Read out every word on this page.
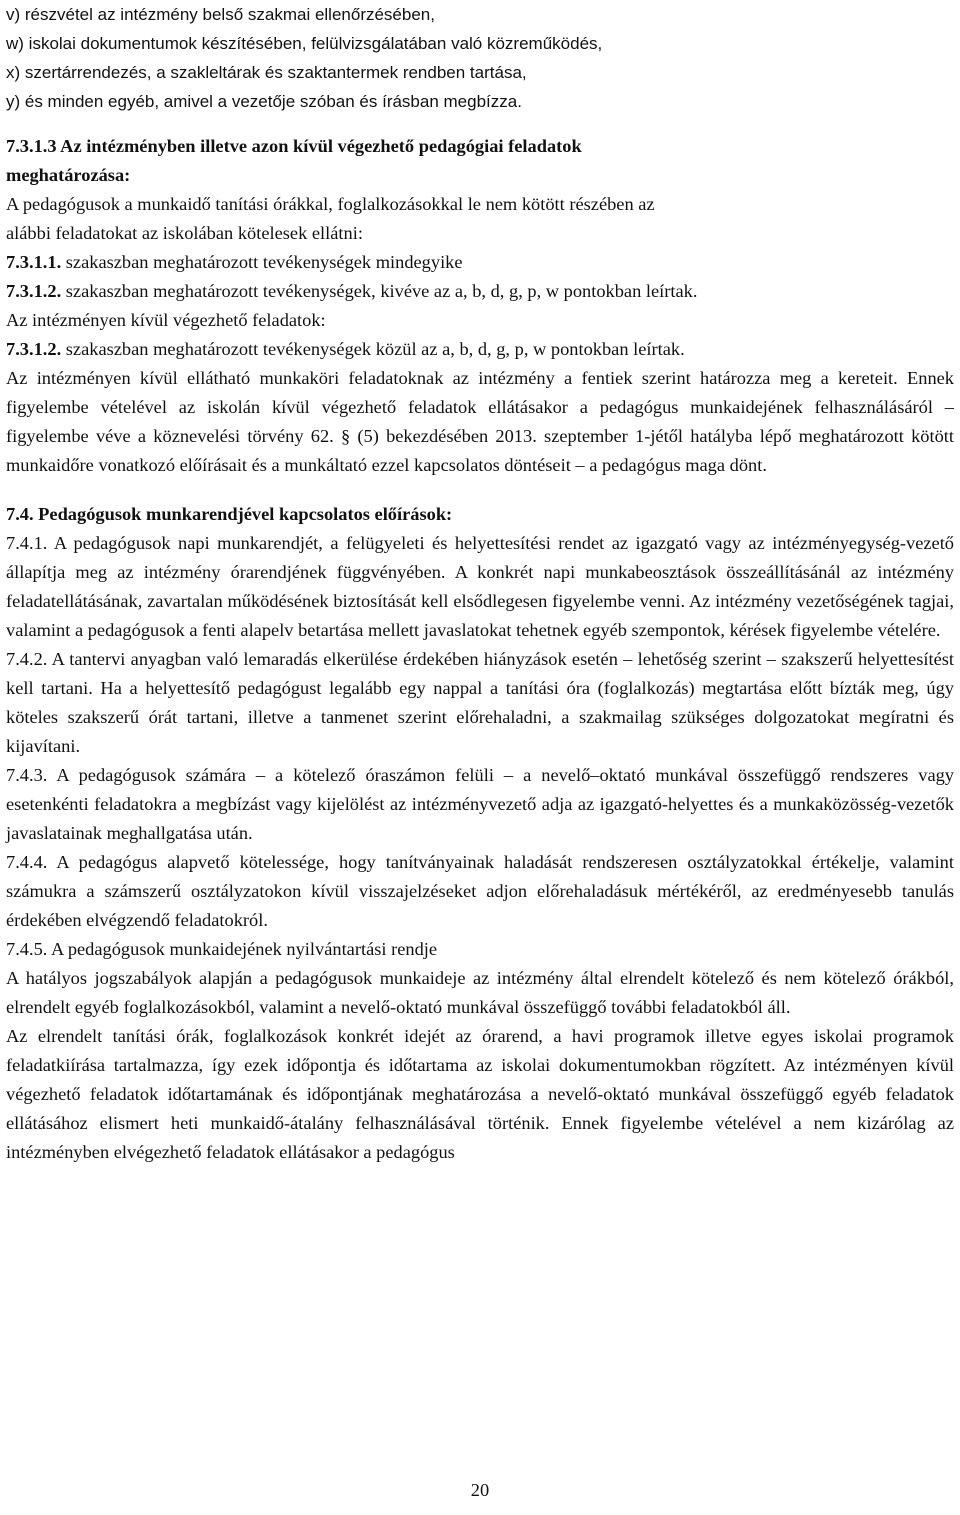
v) részvétel az intézmény belső szakmai ellenőrzésében,
w) iskolai dokumentumok készítésében, felülvizsgálatában való közreműködés,
x) szertárrendezés, a szakleltárak és szaktantermek rendben tartása,
y) és minden egyéb, amivel a vezetője szóban és írásban megbízza.
7.3.1.3 Az intézményben illetve azon kívül végezhető pedagógiai feladatok
meghatározása:
A pedagógusok a munkaidő tanítási órákkal, foglalkozásokkal le nem kötött részében az
alábbi feladatokat az iskolában kötelesek ellátni:
7.3.1.1. szakaszban meghatározott tevékenységek mindegyike
7.3.1.2. szakaszban meghatározott tevékenységek, kivéve az a, b, d, g, p, w pontokban leírtak.
Az intézményen kívül végezhető feladatok:
7.3.1.2. szakaszban meghatározott tevékenységek közül az a, b, d, g, p, w pontokban leírtak.
Az intézményen kívül ellátható munkaköri feladatoknak az intézmény a fentiek szerint határozza meg a kereteit. Ennek figyelembe vételével az iskolán kívül végezhető feladatok ellátásakor a pedagógus munkaidejének felhasználásáról – figyelembe véve a köznevelési törvény 62. § (5) bekezdésében 2013. szeptember 1-jétől hatályba lépő meghatározott kötött munkaidőre vonatkozó előírásait és a munkáltató ezzel kapcsolatos döntéseit – a pedagógus maga dönt.
7.4. Pedagógusok munkarendjével kapcsolatos előírások:
7.4.1. A pedagógusok napi munkarendjét, a felügyeleti és helyettesítési rendet az igazgató vagy az intézményegység-vezető állapítja meg az intézmény órarendjének függvényében. A konkrét napi munkabeosztások összeállításánál az intézmény feladatellátásának, zavartalan működésének biztosítását kell elsődlegesen figyelembe venni. Az intézmény vezetőségének tagjai, valamint a pedagógusok a fenti alapelv betartása mellett javaslatokat tehetnek egyéb szempontok, kérések figyelembe vételére.
7.4.2. A tantervi anyagban való lemaradás elkerülése érdekében hiányzások esetén – lehetőség szerint – szakszerű helyettesítést kell tartani. Ha a helyettesítő pedagógust legalább egy nappal a tanítási óra (foglalkozás) megtartása előtt bízták meg, úgy köteles szakszerű órát tartani, illetve a tanmenet szerint előrehaladni, a szakmailag szükséges dolgozatokat megíratni és kijavítani.
7.4.3. A pedagógusok számára – a kötelező óraszámon felüli – a nevelő–oktató munkával összefüggő rendszeres vagy esetenkénti feladatokra a megbízást vagy kijelölést az intézményvezető adja az igazgató-helyettes és a munkaközösség-vezetők javaslatainak meghallgatása után.
7.4.4. A pedagógus alapvető kötelessége, hogy tanítványainak haladását rendszeresen osztályzatokkal értékelje, valamint számukra a számszerű osztályzatokon kívül visszajelzéseket adjon előrehaladásuk mértékéről, az eredményesebb tanulás érdekében elvégzendő feladatokról.
7.4.5. A pedagógusok munkaidejének nyilvántartási rendje
A hatályos jogszabályok alapján a pedagógusok munkaideje az intézmény által elrendelt kötelező és nem kötelező órákból, elrendelt egyéb foglalkozásokból, valamint a nevelő-oktató munkával összefüggő további feladatokból áll.
Az elrendelt tanítási órák, foglalkozások konkrét idejét az órarend, a havi programok illetve egyes iskolai programok feladatkiírása tartalmazza, így ezek időpontja és időtartama az iskolai dokumentumokban rögzített. Az intézményen kívül végezhető feladatok időtartamának és időpontjának meghatározása a nevelő-oktató munkával összefüggő egyéb feladatok ellátásához elismert heti munkaidő-átalány felhasználásával történik. Ennek figyelembe vételével a nem kizárólag az intézményben elvégezhető feladatok ellátásakor a pedagógus
20
